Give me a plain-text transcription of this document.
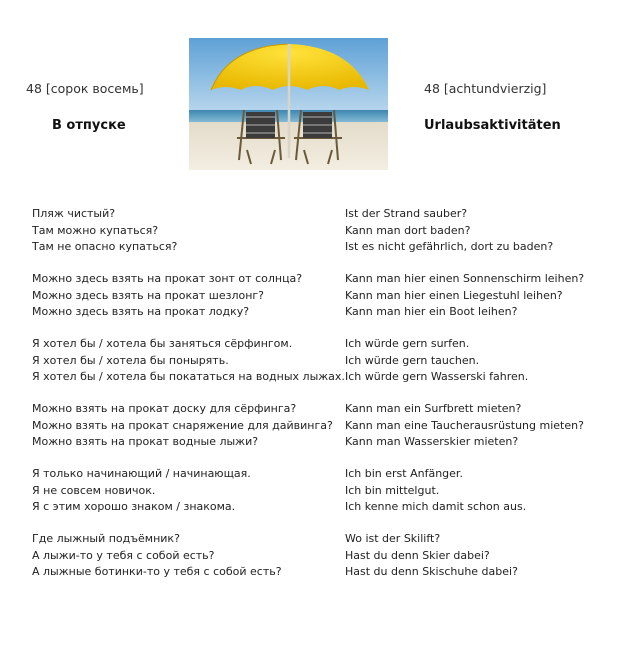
48 [сорок восемь]	48 [achtundvierzig]
В отпуске	Urlaubsaktivitäten
Пляж чистый?	Ist der Strand sauber?
Там можно купаться?	Kann man dort baden?
Там не опасно купаться?	Ist es nicht gefährlich, dort zu baden?
Можно здесь взять на прокат зонт от солнца?	Kann man hier einen Sonnenschirm leihen?
Можно здесь взять на прокат шезлонг?	Kann man hier einen Liegestuhl leihen?
Можно здесь взять на прокат лодку?	Kann man hier ein Boot leihen?
Я хотел бы / хотела бы заняться сёрфингом.	Ich würde gern surfen.
Я хотел бы / хотела бы понырять.	Ich würde gern tauchen.
Я хотел бы / хотела бы покататься на водных лыжах. Ich würde gern Wasserski fahren.
Можно взять на прокат доску для сёрфинга?	Kann man ein Surfbrett mieten?
Можно взять на прокат снаряжение для дайвинга? Kann man eine Taucherausrüstung mieten?
Можно взять на прокат водные лыжи?	Kann man Wasserskier mieten?
Я только начинающий / начинающая.	Ich bin erst Anfänger.
Я не совсем новичок.	Ich bin mittelgut.
Я с этим хорошо знаком / знакома.	Ich kenne mich damit schon aus.
Где лыжный подъёмник?	Wo ist der Skilift?
А лыжи-то у тебя с собой есть?	Hast du denn Skier dabei?
А лыжные ботинки-то у тебя с собой есть?	Hast du denn Skischuhe dabei?
